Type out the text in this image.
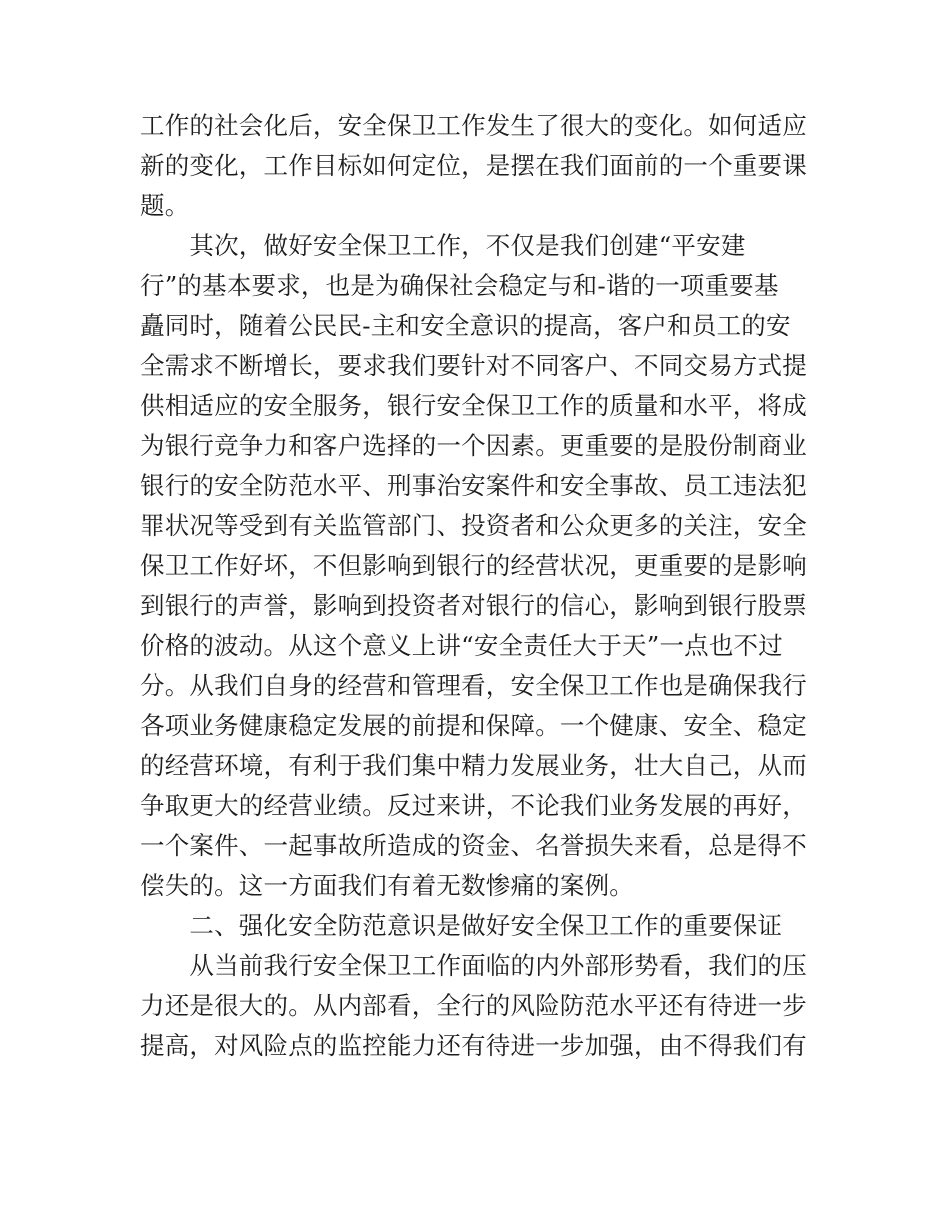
工作的社会化后，安全保卫工作发生了很大的变化。如何适应
新的变化，工作目标如何定位，是摆在我们面前的一个重要课
题。
　　其次，做好安全保卫工作，不仅是我们创建“平安建
行”的基本要求，也是为确保社会稳定与和-谐的一项重要基
矗同时，随着公民民-主和安全意识的提高，客户和员工的安
全需求不断增长，要求我们要针对不同客户、不同交易方式提
供相适应的安全服务，银行安全保卫工作的质量和水平，将成
为银行竞争力和客户选择的一个因素。更重要的是股份制商业
银行的安全防范水平、刑事治安案件和安全事故、员工违法犯
罪状况等受到有关监管部门、投资者和公众更多的关注，安全
保卫工作好坏，不但影响到银行的经营状况，更重要的是影响
到银行的声誉，影响到投资者对银行的信心，影响到银行股票
价格的波动。从这个意义上讲“安全责任大于天”一点也不过
分。从我们自身的经营和管理看，安全保卫工作也是确保我行
各项业务健康稳定发展的前提和保障。一个健康、安全、稳定
的经营环境，有利于我们集中精力发展业务，壮大自己，从而
争取更大的经营业绩。反过来讲，不论我们业务发展的再好，
一个案件、一起事故所造成的资金、名誉损失来看，总是得不
偿失的。这一方面我们有着无数惨痛的案例。
　　二、强化安全防范意识是做好安全保卫工作的重要保证
　　从当前我行安全保卫工作面临的内外部形势看，我们的压
力还是很大的。从内部看，全行的风险防范水平还有待进一步
提高，对风险点的监控能力还有待进一步加强，由不得我们有
